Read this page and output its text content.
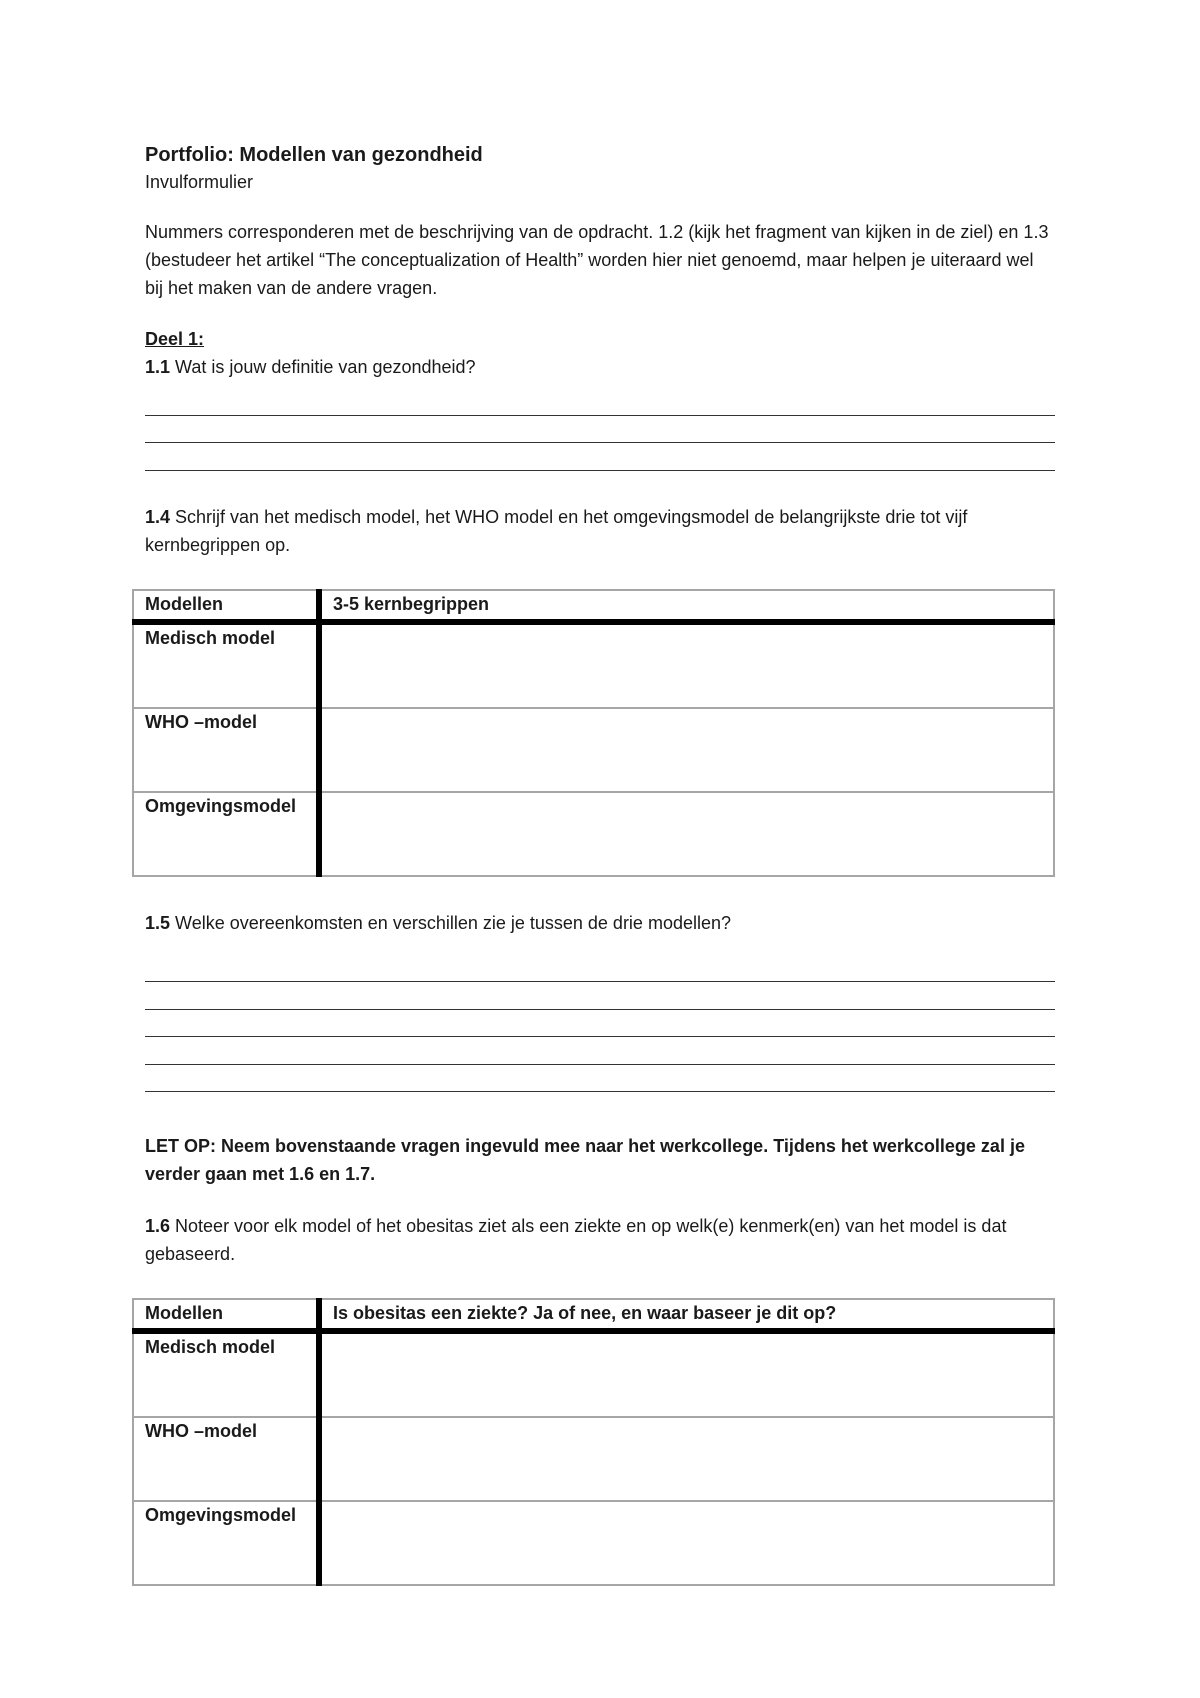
Portfolio: Modellen van gezondheid

Invulformulier

Nummers corresponderen met de beschrijving van de opdracht. 1.2 (kijk het fragment van kijken in de ziel) en 1.3 (bestudeer het artikel “The conceptualization of Health” worden hier niet genoemd, maar helpen je uiteraard wel bij het maken van de andere vragen.

Deel 1:

1.1 Wat is jouw definitie van gezondheid?

1.4 Schrijf van het medisch model, het WHO model en het omgevingsmodel de belangrijkste drie tot vijf kernbegrippen op.

Modellen	3-5 kernbegrippen
Medisch model	
WHO –model	
Omgevingsmodel	

1.5 Welke overeenkomsten en verschillen zie je tussen de drie modellen?

LET OP: Neem bovenstaande vragen ingevuld mee naar het werkcollege. Tijdens het werkcollege zal je verder gaan met 1.6 en 1.7.

1.6 Noteer voor elk model of het obesitas ziet als een ziekte en op welk(e) kenmerk(en) van het model is dat gebaseerd.

Modellen	Is obesitas een ziekte? Ja of nee, en waar baseer je dit op?
Medisch model	
WHO –model	
Omgevingsmodel	
